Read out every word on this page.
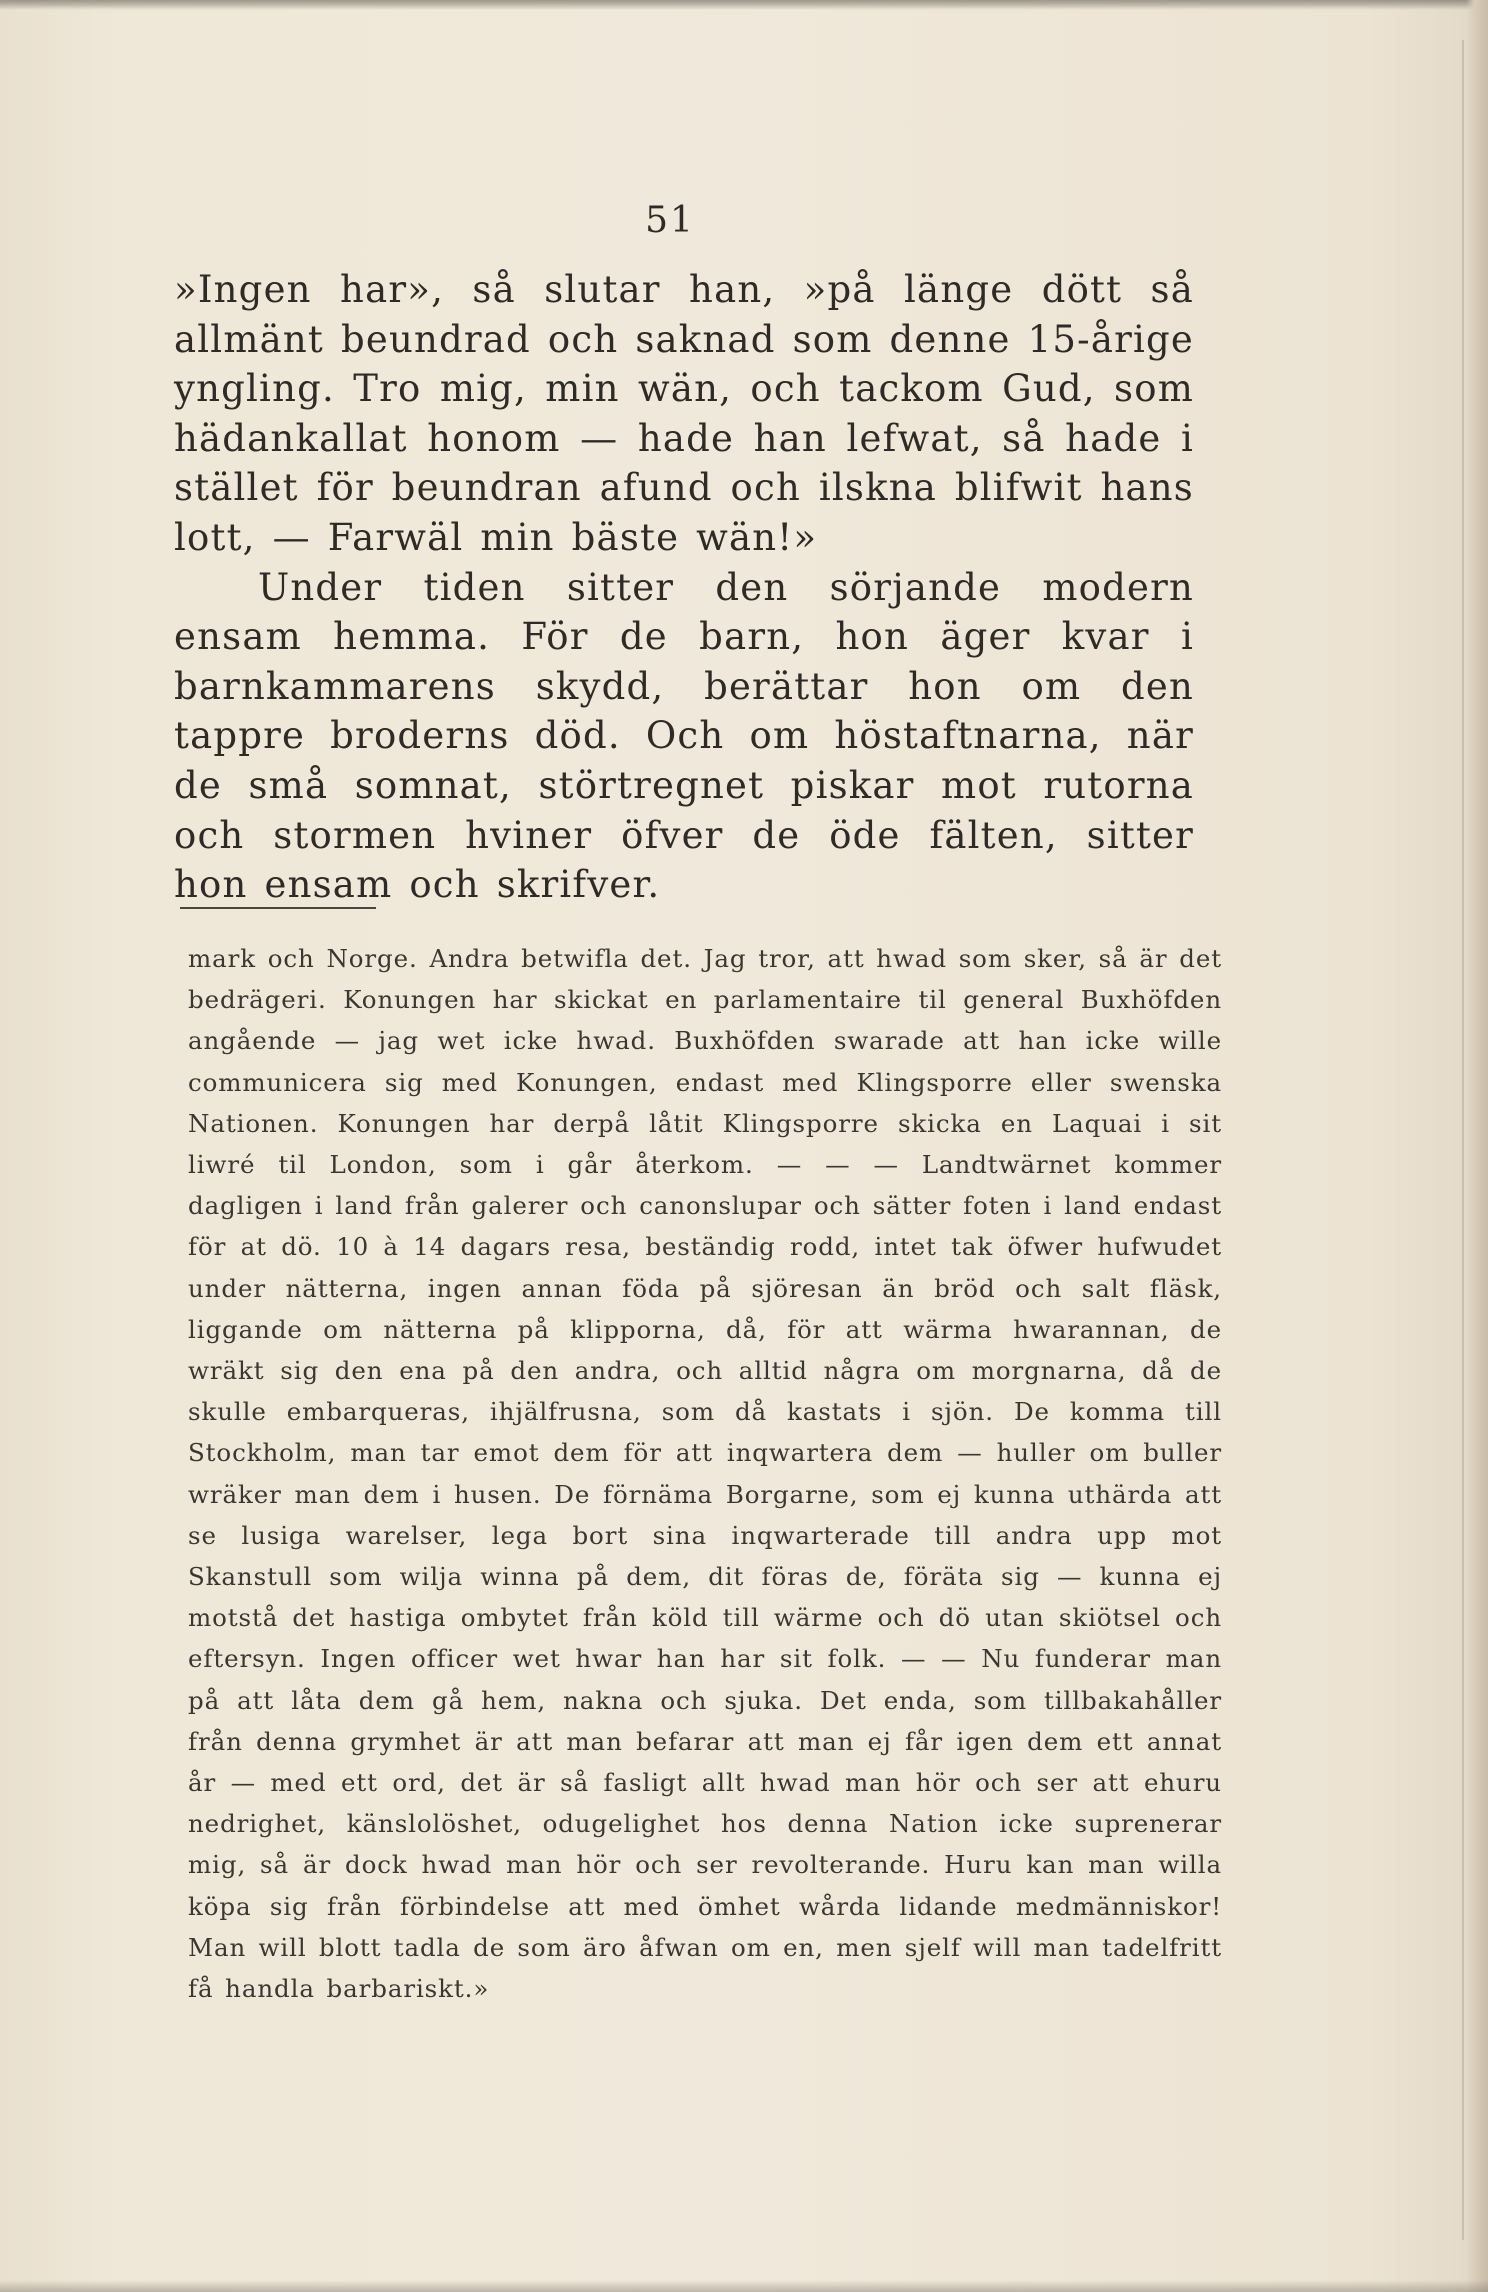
51

»Ingen har», så slutar han, »på länge dött så allmänt beundrad och saknad som denne 15-årige yngling. Tro mig, min wän, och tackom Gud, som hädankallat honom — hade han lefwat, så hade i stället för beundran afund och ilskna blifwit hans lott, — Farwäl min bäste wän!»

Under tiden sitter den sörjande modern ensam hemma. För de barn, hon äger kvar i barnkammarens skydd, berättar hon om den tappre broderns död. Och om höstaftnarna, när de små somnat, störtregnet piskar mot rutorna och stormen hviner öfver de öde fälten, sitter hon ensam och skrifver.

mark och Norge. Andra betwifla det. Jag tror, att hwad som sker, så är det bedrägeri. Konungen har skickat en parlamentaire til general Buxhöfden angående — jag wet icke hwad. Buxhöfden swarade att han icke wille communicera sig med Konungen, endast med Klingsporre eller swenska Nationen. Konungen har derpå låtit Klingsporre skicka en Laquai i sit liwré til London, som i går återkom. — — — Landtwärnet kommer dagligen i land från galerer och canonslupar och sätter foten i land endast för at dö. 10 à 14 dagars resa, beständig rodd, intet tak öfwer hufwudet under nätterna, ingen annan föda på sjöresan än bröd och salt fläsk, liggande om nätterna på klipporna, då, för att wärma hwarannan, de wräkt sig den ena på den andra, och alltid några om morgnarna, då de skulle embarqueras, ihjälfrusna, som då kastats i sjön. De komma till Stockholm, man tar emot dem för att inqwartera dem — huller om buller wräker man dem i husen. De förnäma Borgarne, som ej kunna uthärda att se lusiga warelser, lega bort sina inqwarterade till andra upp mot Skanstull som wilja winna på dem, dit föras de, föräta sig — kunna ej motstå det hastiga ombytet från köld till wärme och dö utan skiötsel och eftersyn. Ingen officer wet hwar han har sit folk. — — Nu funderar man på att låta dem gå hem, nakna och sjuka. Det enda, som tillbakahåller från denna grymhet är att man befarar att man ej får igen dem ett annat år — med ett ord, det är så fasligt allt hwad man hör och ser att ehuru nedrighet, känslolöshet, odugelighet hos denna Nation icke suprenerar mig, så är dock hwad man hör och ser revolterande. Huru kan man willa köpa sig från förbindelse att med ömhet wårda lidande medmänniskor! Man will blott tadla de som äro åfwan om en, men sjelf will man tadelfritt få handla barbariskt.»
